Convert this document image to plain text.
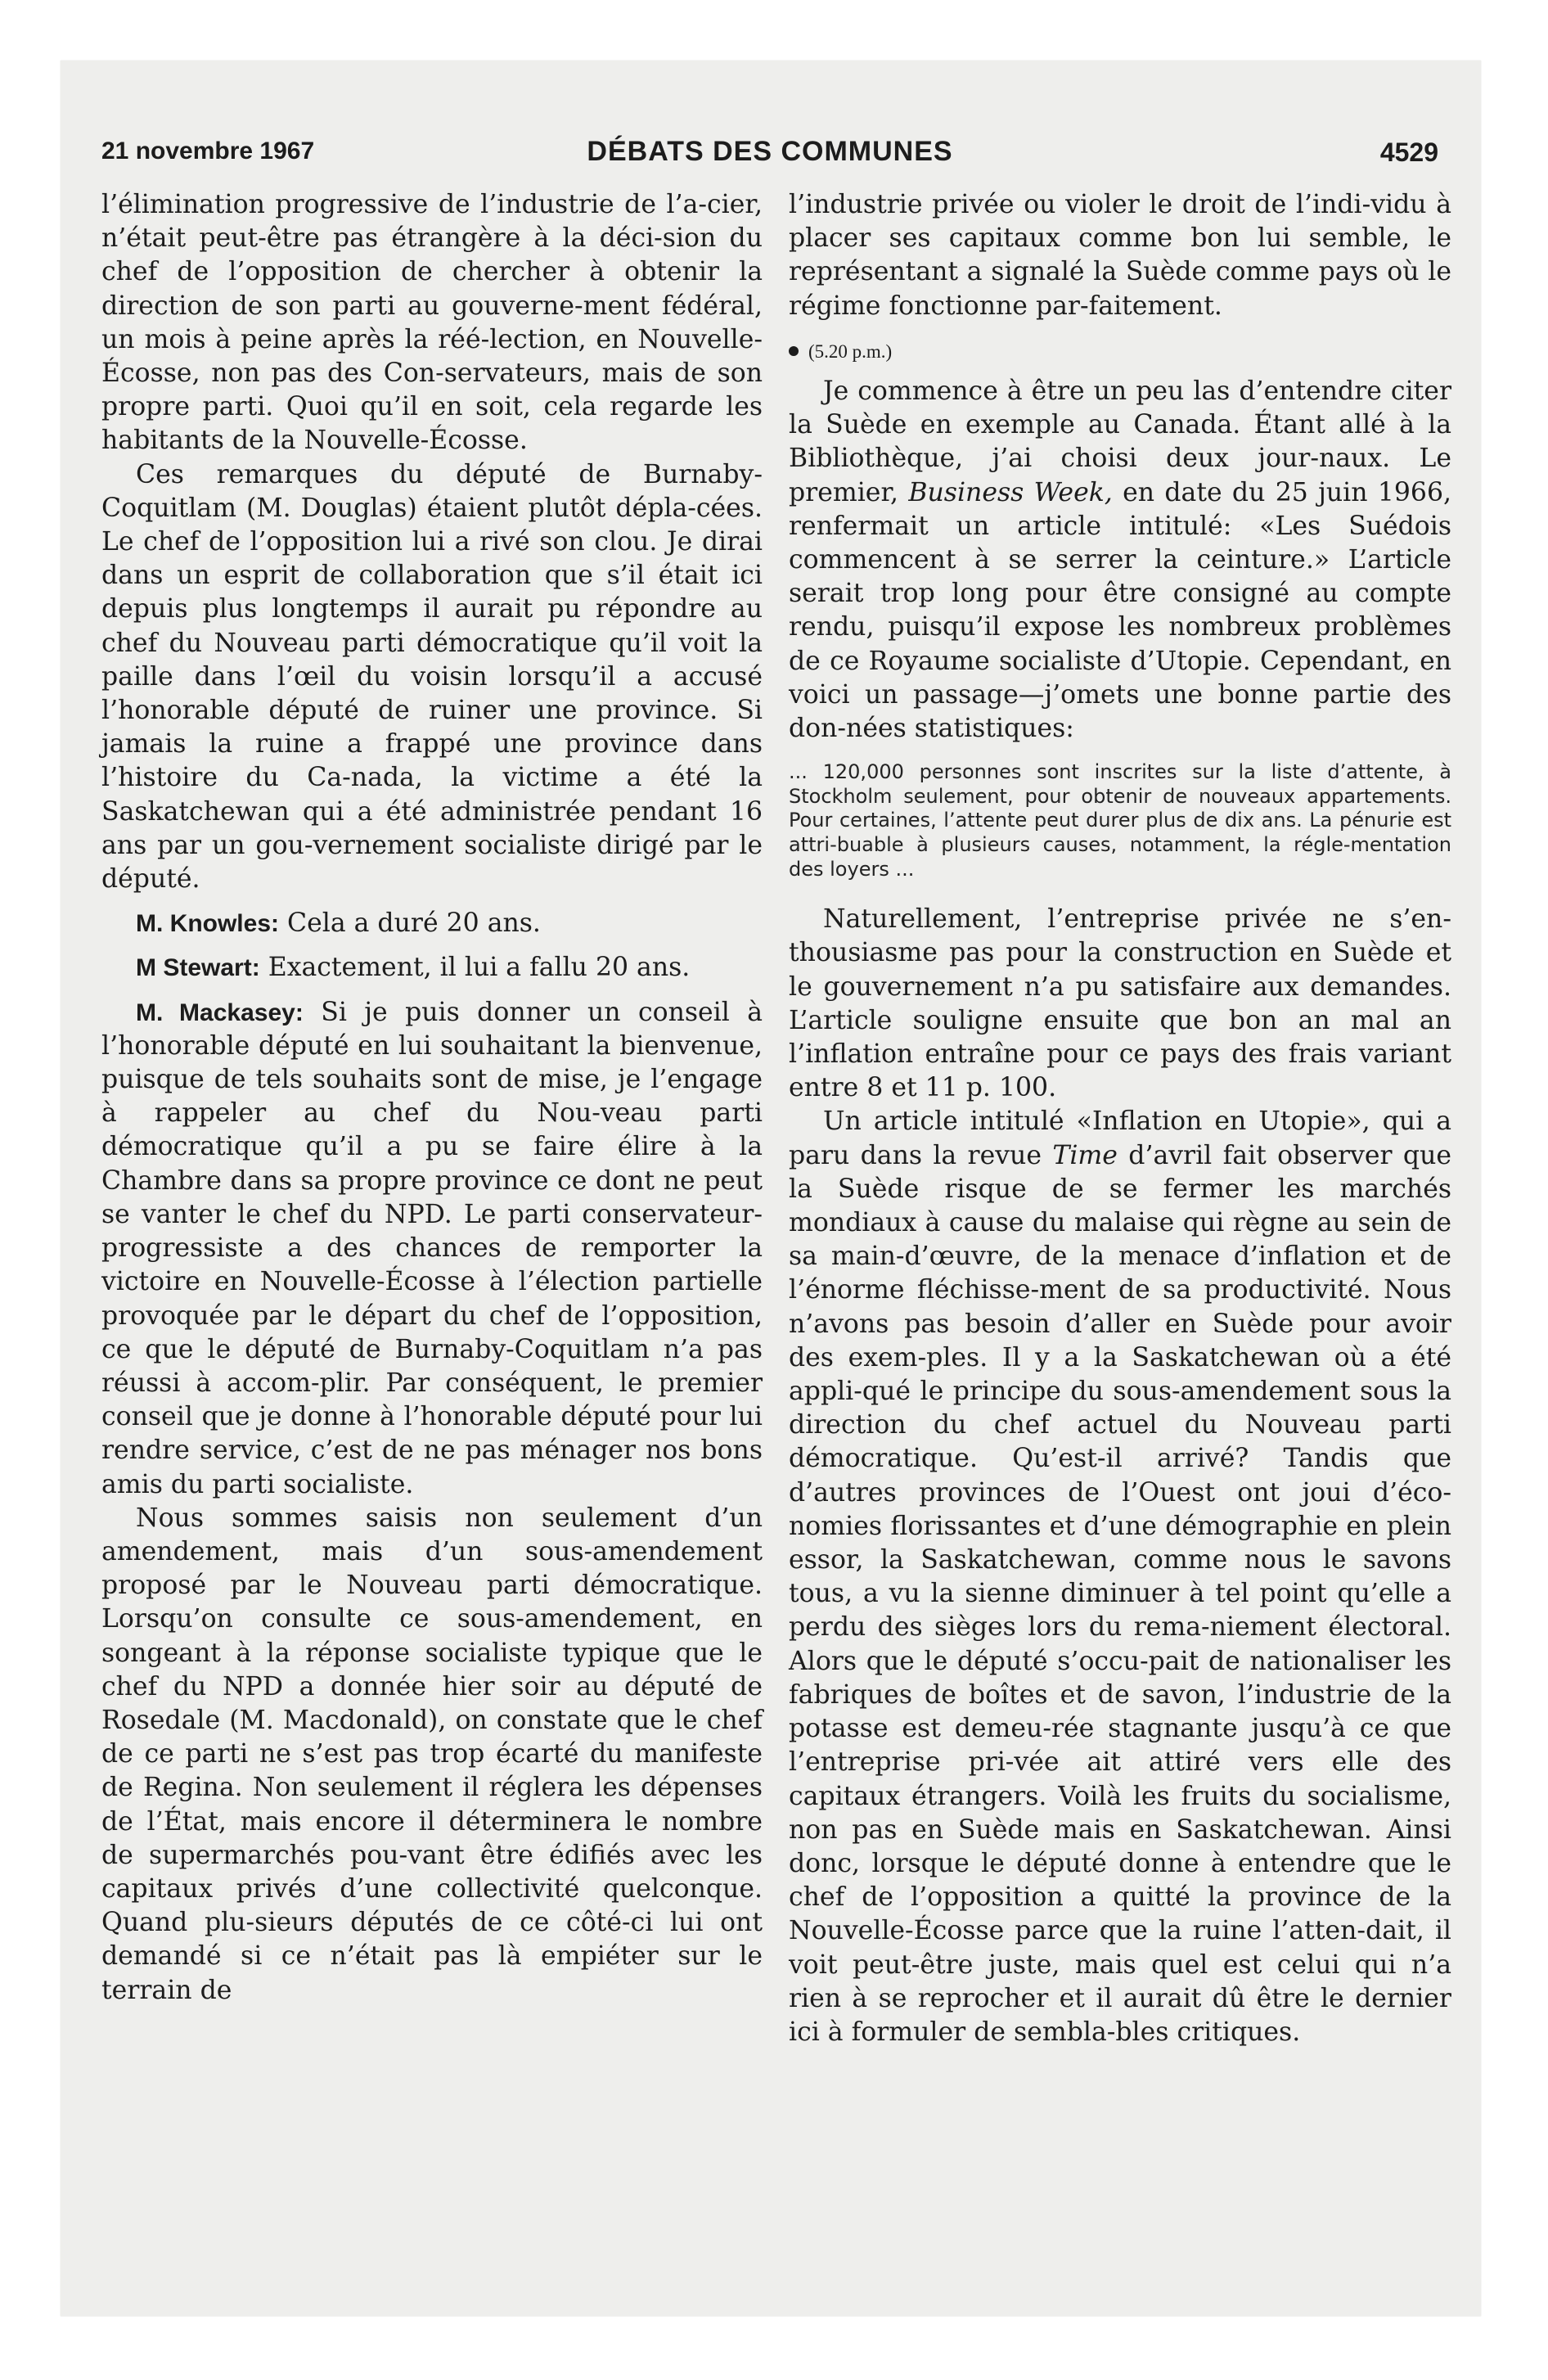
21 novembre 1967	DÉBATS DES COMMUNES	4529

l’élimination progressive de l’industrie de l’a-cier, n’était peut-être pas étrangère à la déci-sion du chef de l’opposition de chercher à obtenir la direction de son parti au gouverne-ment fédéral, un mois à peine après la réé-lection, en Nouvelle-Écosse, non pas des Con-servateurs, mais de son propre parti. Quoi qu’il en soit, cela regarde les habitants de la Nouvelle-Écosse.

Ces remarques du député de Burnaby-Coquitlam (M. Douglas) étaient plutôt dépla-cées. Le chef de l’opposition lui a rivé son clou. Je dirai dans un esprit de collaboration que s’il était ici depuis plus longtemps il aurait pu répondre au chef du Nouveau parti démocratique qu’il voit la paille dans l’œil du voisin lorsqu’il a accusé l’honorable député de ruiner une province. Si jamais la ruine a frappé une province dans l’histoire du Ca-nada, la victime a été la Saskatchewan qui a été administrée pendant 16 ans par un gou-vernement socialiste dirigé par le député.

M. Knowles: Cela a duré 20 ans.

M Stewart: Exactement, il lui a fallu 20 ans.

M. Mackasey: Si je puis donner un conseil à l’honorable député en lui souhaitant la bienvenue, puisque de tels souhaits sont de mise, je l’engage à rappeler au chef du Nou-veau parti démocratique qu’il a pu se faire élire à la Chambre dans sa propre province ce dont ne peut se vanter le chef du NPD. Le parti conservateur-progressiste a des chances de remporter la victoire en Nouvelle-Écosse à l’élection partielle provoquée par le départ du chef de l’opposition, ce que le député de Burnaby-Coquitlam n’a pas réussi à accom-plir. Par conséquent, le premier conseil que je donne à l’honorable député pour lui rendre service, c’est de ne pas ménager nos bons amis du parti socialiste.

Nous sommes saisis non seulement d’un amendement, mais d’un sous-amendement proposé par le Nouveau parti démocratique. Lorsqu’on consulte ce sous-amendement, en songeant à la réponse socialiste typique que le chef du NPD a donnée hier soir au député de Rosedale (M. Macdonald), on constate que le chef de ce parti ne s’est pas trop écarté du manifeste de Regina. Non seulement il réglera les dépenses de l’État, mais encore il déterminera le nombre de supermarchés pou-vant être édifiés avec les capitaux privés d’une collectivité quelconque. Quand plu-sieurs députés de ce côté-ci lui ont demandé si ce n’était pas là empiéter sur le terrain de

l’industrie privée ou violer le droit de l’indi-vidu à placer ses capitaux comme bon lui semble, le représentant a signalé la Suède comme pays où le régime fonctionne par-faitement.

(5.20 p.m.)

Je commence à être un peu las d’entendre citer la Suède en exemple au Canada. Étant allé à la Bibliothèque, j’ai choisi deux jour-naux. Le premier, Business Week, en date du 25 juin 1966, renfermait un article intitulé: «Les Suédois commencent à se serrer la ceinture.» L’article serait trop long pour être consigné au compte rendu, puisqu’il expose les nombreux problèmes de ce Royaume socialiste d’Utopie. Cependant, en voici un passage—j’omets une bonne partie des don-nées statistiques:

... 120,000 personnes sont inscrites sur la liste d’attente, à Stockholm seulement, pour obtenir de nouveaux appartements. Pour certaines, l’attente peut durer plus de dix ans. La pénurie est attri-buable à plusieurs causes, notamment, la régle-mentation des loyers ...

Naturellement, l’entreprise privée ne s’en-thousiasme pas pour la construction en Suède et le gouvernement n’a pu satisfaire aux demandes. L’article souligne ensuite que bon an mal an l’inflation entraîne pour ce pays des frais variant entre 8 et 11 p. 100.

Un article intitulé «Inflation en Utopie», qui a paru dans la revue Time d’avril fait observer que la Suède risque de se fermer les marchés mondiaux à cause du malaise qui règne au sein de sa main-d’œuvre, de la menace d’inflation et de l’énorme fléchisse-ment de sa productivité. Nous n’avons pas besoin d’aller en Suède pour avoir des exem-ples. Il y a la Saskatchewan où a été appli-qué le principe du sous-amendement sous la direction du chef actuel du Nouveau parti démocratique. Qu’est-il arrivé? Tandis que d’autres provinces de l’Ouest ont joui d’éco-nomies florissantes et d’une démographie en plein essor, la Saskatchewan, comme nous le savons tous, a vu la sienne diminuer à tel point qu’elle a perdu des sièges lors du rema-niement électoral. Alors que le député s’occu-pait de nationaliser les fabriques de boîtes et de savon, l’industrie de la potasse est demeu-rée stagnante jusqu’à ce que l’entreprise pri-vée ait attiré vers elle des capitaux étrangers. Voilà les fruits du socialisme, non pas en Suède mais en Saskatchewan. Ainsi donc, lorsque le député donne à entendre que le chef de l’opposition a quitté la province de la Nouvelle-Écosse parce que la ruine l’atten-dait, il voit peut-être juste, mais quel est celui qui n’a rien à se reprocher et il aurait dû être le dernier ici à formuler de sembla-bles critiques.
